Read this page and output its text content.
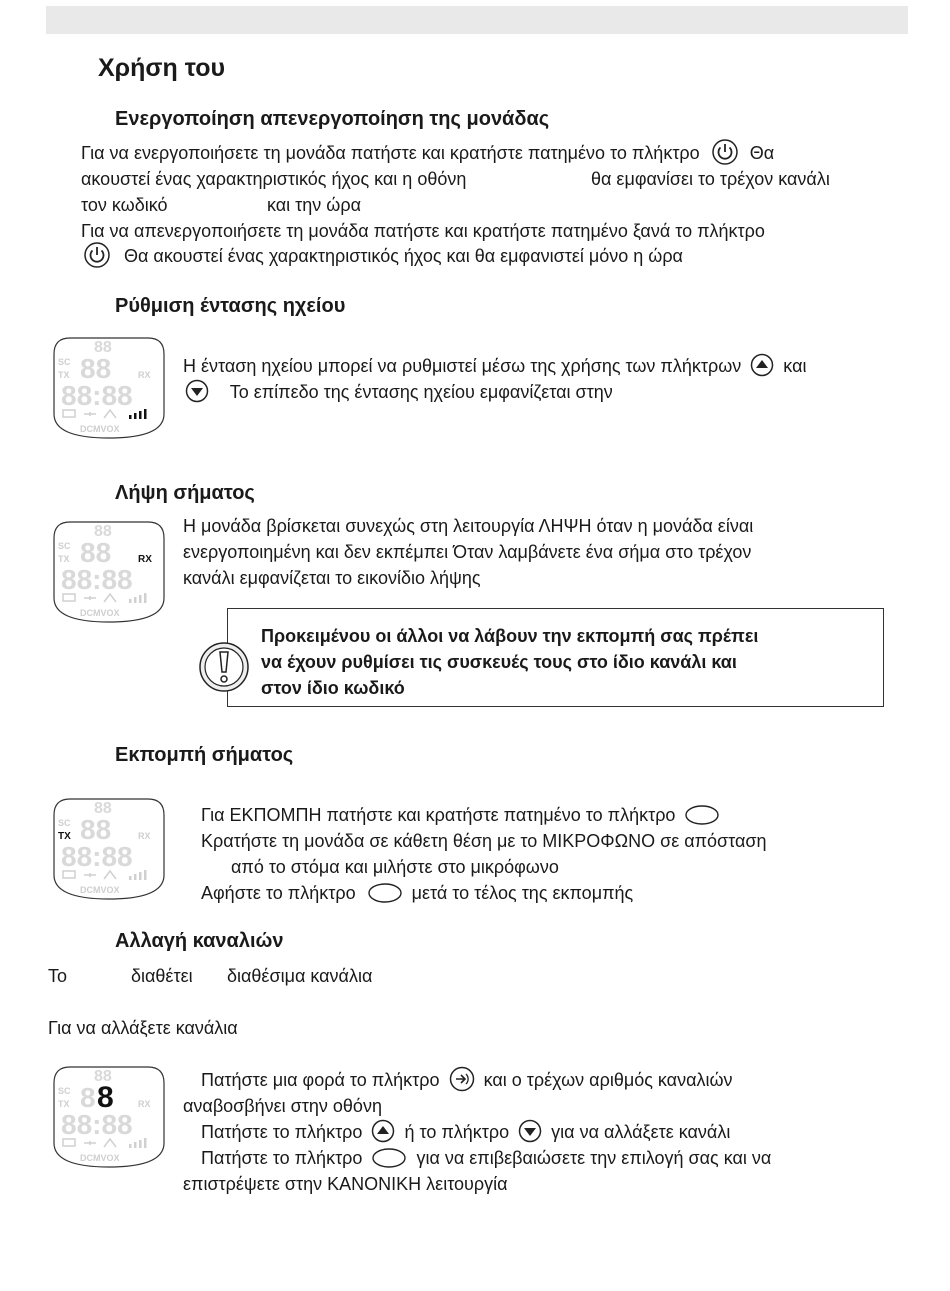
Χρήση του
Ενεργοποίηση απενεργοποίηση της μονάδας
Για να ενεργοποιήσετε τη μονάδα πατήστε και κρατήστε πατημένο το πλήκτρο	Θα
ακουστεί ένας χαρακτηριστικός ήχος και η οθόνη	θα εμφανίσει το τρέχον κανάλι
τον κωδικό	και την ώρα
Για να απενεργοποιήσετε τη μονάδα πατήστε και κρατήστε πατημένο ξανά το πλήκτρο
Θα ακουστεί ένας χαρακτηριστικός ήχος και θα εμφανιστεί μόνο η ώρα
Ρύθμιση έντασης ηχείου
88
SC
TX 88	RX
88:88
DCMVOX
Η ένταση ηχείου μπορεί να ρυθμιστεί μέσω της χρήσης των πλήκτρων και
Το επίπεδο της έντασης ηχείου εμφανίζεται στην
Λήψη σήματος
88
SC
TX 88	RX
88:88
DCMVOX
Η μονάδα βρίσκεται συνεχώς στη λειτουργία ΛΗΨΗ όταν η μονάδα είναι
ενεργοποιημένη και δεν εκπέμπει Όταν λαμβάνετε ένα σήμα στο τρέχον
κανάλι εμφανίζεται το εικονίδιο λήψης
Προκειμένου οι άλλοι να λάβουν την εκπομπή σας πρέπει
να έχουν ρυθμίσει τις συσκευές τους στο ίδιο κανάλι και
στον ίδιο κωδικό
Εκπομπή σήματος
88
SC
TX 88	RX
88:88
DCMVOX
Για ΕΚΠΟΜΠΗ πατήστε και κρατήστε πατημένο το πλήκτρο
Κρατήστε τη μονάδα σε κάθετη θέση με το ΜΙΚΡΟΦΩΝΟ σε απόσταση
από το στόμα και μιλήστε στο μικρόφωνο
Αφήστε το πλήκτρο	μετά το τέλος της εκπομπής
Αλλαγή καναλιών
Το	διαθέτει διαθέσιμα κανάλια
Για να αλλάξετε κανάλια
88
SC
TX 8 8	RX
88:88
DCMVOX
Πατήστε μια φορά το πλήκτρο και ο τρέχων αριθμός καναλιών
αναβοσβήνει στην οθόνη
Πατήστε το πλήκτρο ή το πλήκτρο για να αλλάξετε κανάλι
Πατήστε το πλήκτρο	για να επιβεβαιώσετε την επιλογή σας και να
επιστρέψετε στην ΚΑΝΟΝΙΚΗ λειτουργία
